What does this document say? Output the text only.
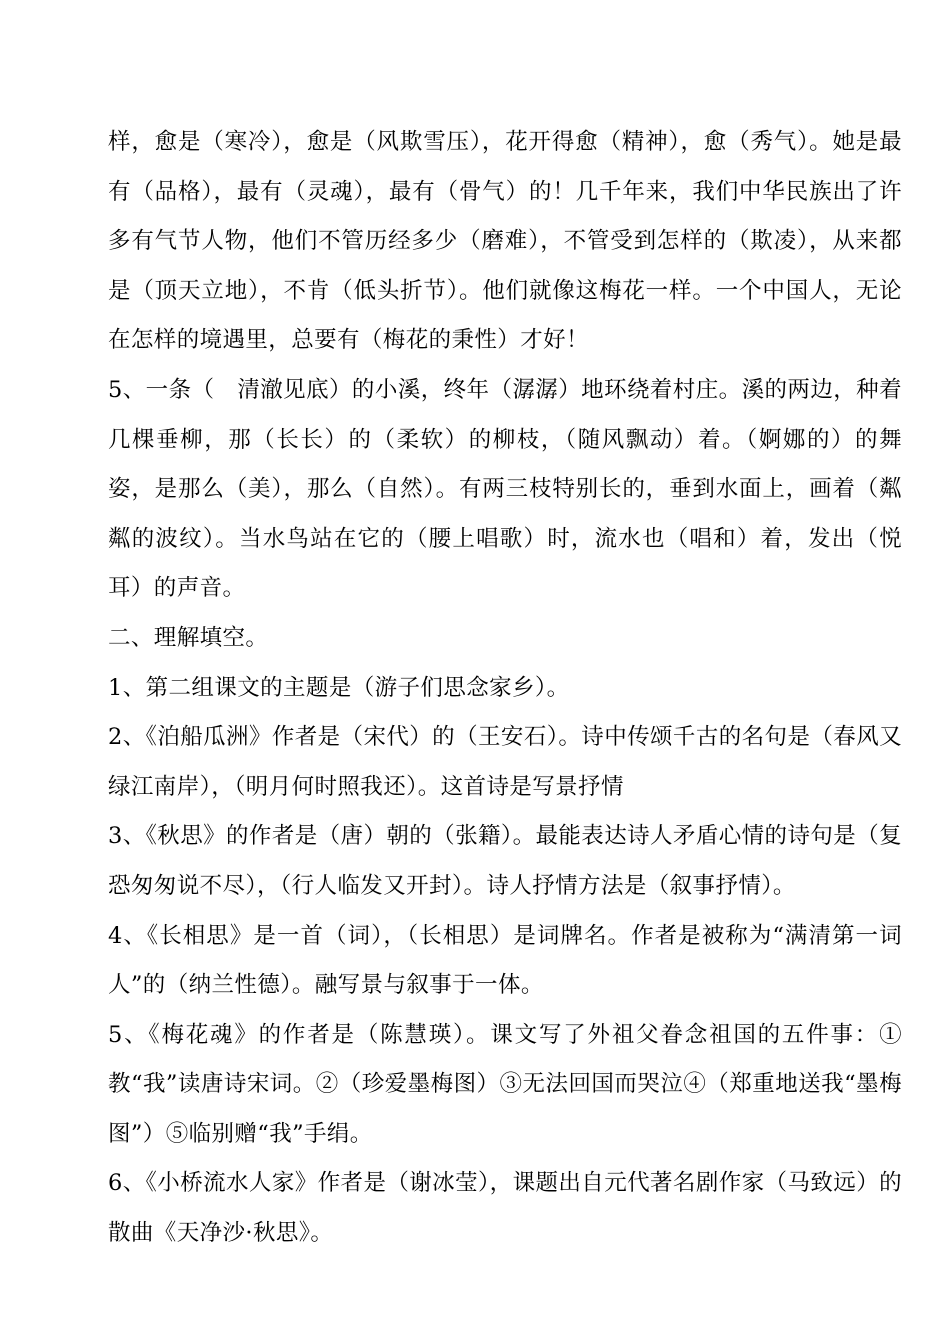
样，愈是（寒冷），愈是（风欺雪压），花开得愈（精神），愈（秀气）。她是最有（品格），最有（灵魂），最有（骨气）的！几千年来，我们中华民族出了许多有气节人物，他们不管历经多少（磨难），不管受到怎样的（欺凌），从来都是（顶天立地），不肯（低头折节）。他们就像这梅花一样。一个中国人，无论在怎样的境遇里，总要有（梅花的秉性）才好！

5、一条（　清澈见底）的小溪，终年（潺潺）地环绕着村庄。溪的两边，种着几棵垂柳，那（长长）的（柔软）的柳枝，（随风飘动）着。（婀娜的）的舞姿，是那么（美），那么（自然）。有两三枝特别长的，垂到水面上，画着（粼粼的波纹）。当水鸟站在它的（腰上唱歌）时，流水也（唱和）着，发出（悦耳）的声音。

二、理解填空。

1、第二组课文的主题是（游子们思念家乡）。

2、《泊船瓜洲》作者是（宋代）的（王安石）。诗中传颂千古的名句是（春风又绿江南岸），（明月何时照我还）。这首诗是写景抒情

3、《秋思》的作者是（唐）朝的（张籍）。最能表达诗人矛盾心情的诗句是（复恐匆匆说不尽），（行人临发又开封）。诗人抒情方法是（叙事抒情）。

4、《长相思》是一首（词），（长相思）是词牌名。作者是被称为“满清第一词人”的（纳兰性德）。融写景与叙事于一体。

5、《梅花魂》的作者是（陈慧瑛）。课文写了外祖父眷念祖国的五件事：①教“我”读唐诗宋词。②（珍爱墨梅图）③无法回国而哭泣④（郑重地送我“墨梅图”）⑤临别赠“我”手绢。

6、《小桥流水人家》作者是（谢冰莹），课题出自元代著名剧作家（马致远）的散曲《天净沙·秋思》。
